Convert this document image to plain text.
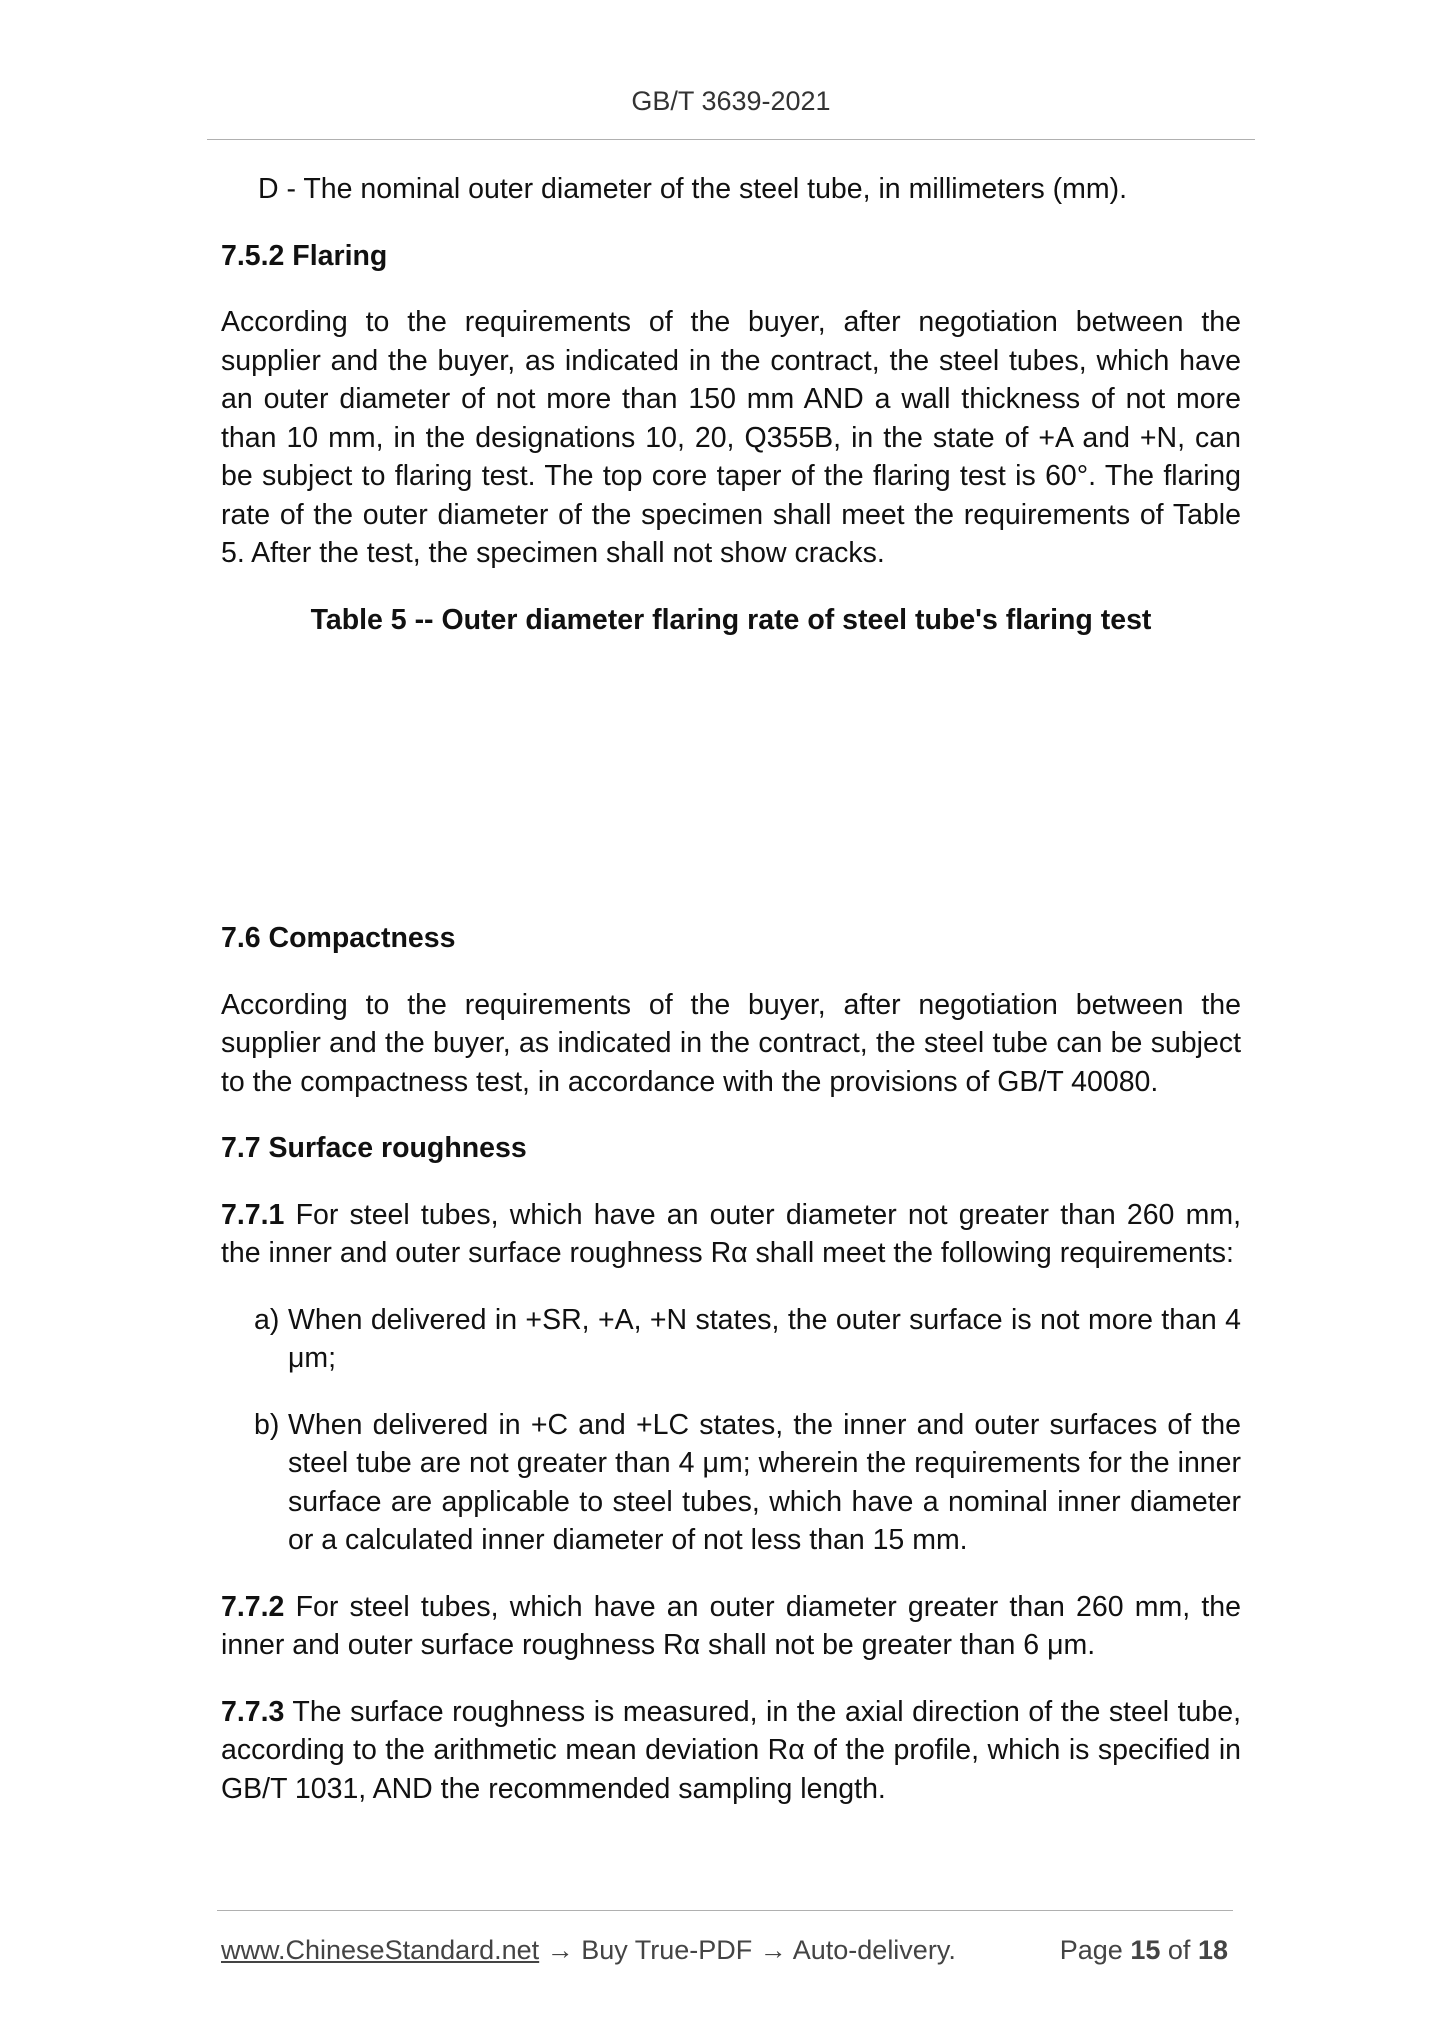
GB/T 3639-2021

D - The nominal outer diameter of the steel tube, in millimeters (mm).

7.5.2 Flaring

According to the requirements of the buyer, after negotiation between the supplier and the buyer, as indicated in the contract, the steel tubes, which have an outer diameter of not more than 150 mm AND a wall thickness of not more than 10 mm, in the designations 10, 20, Q355B, in the state of +A and +N, can be subject to flaring test. The top core taper of the flaring test is 60°. The flaring rate of the outer diameter of the specimen shall meet the requirements of Table 5. After the test, the specimen shall not show cracks.

Table 5 -- Outer diameter flaring rate of steel tube's flaring test

7.6 Compactness

According to the requirements of the buyer, after negotiation between the supplier and the buyer, as indicated in the contract, the steel tube can be subject to the compactness test, in accordance with the provisions of GB/T 40080.

7.7 Surface roughness

7.7.1 For steel tubes, which have an outer diameter not greater than 260 mm, the inner and outer surface roughness Rα shall meet the following requirements:

a) When delivered in +SR, +A, +N states, the outer surface is not more than 4 μm;
b) When delivered in +C and +LC states, the inner and outer surfaces of the steel tube are not greater than 4 μm; wherein the requirements for the inner surface are applicable to steel tubes, which have a nominal inner diameter or a calculated inner diameter of not less than 15 mm.

7.7.2 For steel tubes, which have an outer diameter greater than 260 mm, the inner and outer surface roughness Rα shall not be greater than 6 μm.

7.7.3 The surface roughness is measured, in the axial direction of the steel tube, according to the arithmetic mean deviation Rα of the profile, which is specified in GB/T 1031, AND the recommended sampling length.

www.ChineseStandard.net → Buy True-PDF → Auto-delivery.	Page 15 of 18
